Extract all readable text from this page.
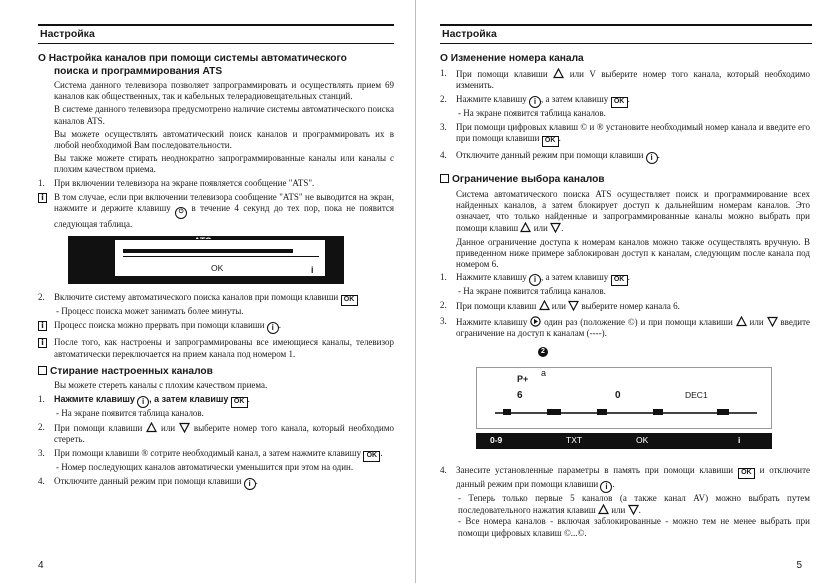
Настройка
О Настройка каналов при помощи системы автоматического
поиска и программирования ATS
Система данного телевизора позволяет запрограммировать и осуществлять прием 69 каналов как общественных, так и кабельных телерадиовещательных станций.
В системе данного телевизора предусмотрено наличие системы автоматического поиска каналов ATS.
Вы можете осуществлять автоматический поиск каналов и программировать их в любой необходимой Вам последовательности.
Вы также можете стирать неоднократно запрограммированные каналы или каналы с плохим качеством приема.
1. При включении телевизора на экране появляется сообщение "ATS".
i	В том случае, если при включении телевизора сообщение "ATS" не выводится на экран, нажмите и держите клавишу ⏻ в течение 4 секунд до тех пор, пока не появится следующая таблица.
OK	i
2. Включите систему автоматического поиска каналов при помощи клавиши OK
- Процесс поиска может занимать более минуты.
i	Процесс поиска можно прервать при помощи клавиши i .
i	После того, как настроены и запрограммированы все имеющиеся каналы, телевизор автоматически переключается на прием канала под номером 1.
Стирание настроенных каналов
Вы можете стереть каналы с плохим качеством приема.
1. Нажмите клавишу i , а затем клавишу OK .
- На экране появится таблица каналов.
2. При помощи клавиши или выберите номер того канала, который необходимо стереть.
3. При помощи клавиши ® сотрите необходимый канал, а затем нажмите клавишу OK .
- Номер последующих каналов автоматически уменьшится при этом на один.
4. Отключите данный режим при помощи клавиши i .
4
Настройка
О Изменение номера канала
1. При помощи клавиши или V выберите номер того канала, который необходимо изменить.
2. Нажмите клавишу i , а затем клавишу OK .
- На экране появится таблица каналов.
3. При помощи цифровых клавиш © и ® установите необходимый номер канала и введите его при помощи клавиши OK .
4. Отключите данный режим при помощи клавиши i .
Ограничение выбора каналов
Система автоматического поиска ATS осуществляет поиск и программирование всех найденных каналов, а затем блокирует доступ к дальнейшим номерам каналов. Это означает, что только найденные и запрограммированные каналы можно выбрать при помощи клавиш или .
Данное ограничение доступа к номерам каналов можно также осуществлять вручную. В приведенном ниже примере заблокирован доступ к каналам, следующим после канала под номером 6.
1. Нажмите клавишу i , а затем клавишу OK .
- На экране появится таблица каналов.
2. При помощи клавиш или выберите номер канала 6.
3. Нажмите клавишу один раз (положение ©) и при помощи клавиши или введите ограничение на доступ к каналам (----).
2
P+
a
6	0	DEC1
0-9	TXT	OK	i
4. Занесите установленные параметры в память при помощи клавиши OK и отключите данный режим при помощи клавиши i .
- Теперь только первые 5 каналов (а также канал AV) можно выбрать путем последовательного нажатия клавиш или .
- Все номера каналов - включая заблокированные - можно тем не менее выбрать при помощи цифровых клавиш ©...©.
5
